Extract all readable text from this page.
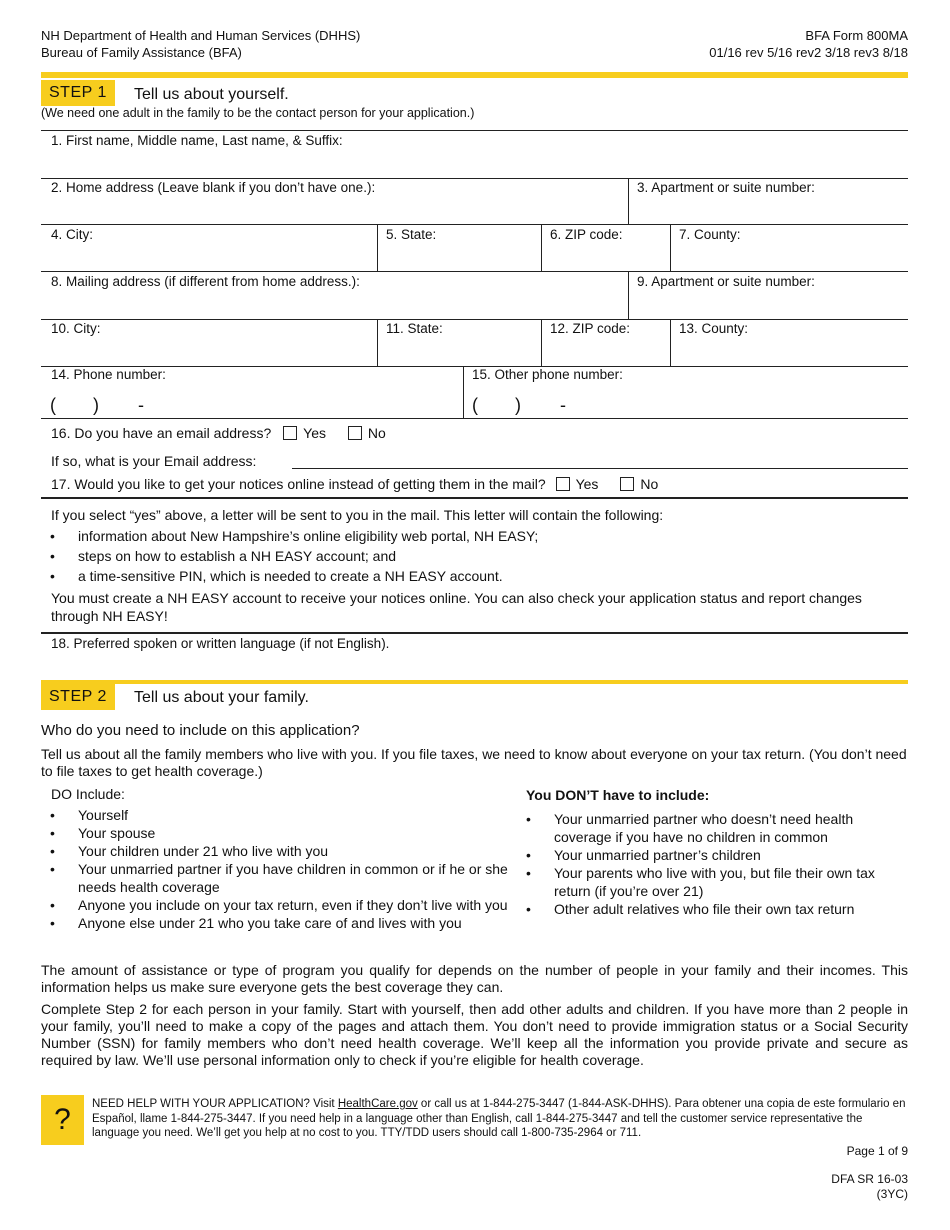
NH Department of Health and Human Services (DHHS)
Bureau of Family Assistance (BFA)
BFA Form 800MA
01/16 rev 5/16 rev2 3/18 rev3 8/18
STEP 1	Tell us about yourself.
(We need one adult in the family to be the contact person for your application.)
1. First name, Middle name, Last name, & Suffix:
2. Home address (Leave blank if you don’t have one.):	3. Apartment or suite number:
4. City:	5. State:	6. ZIP code:	7. County:
8. Mailing address (if different from home address.):	9. Apartment or suite number:
10. City:	11. State:	12. ZIP code:	13. County:
14. Phone number:	15. Other phone number:
( ) -	( ) -
16. Do you have an email address? Yes	No
If so, what is your Email address:
17. Would you like to get your notices online instead of getting them in the mail? Yes	No
If you select “yes” above, a letter will be sent to you in the mail. This letter will contain the following:
• information about New Hampshire’s online eligibility web portal, NH EASY;
• steps on how to establish a NH EASY account; and
• a time-sensitive PIN, which is needed to create a NH EASY account.
You must create a NH EASY account to receive your notices online. You can also check your application status and report changes through NH EASY!
18. Preferred spoken or written language (if not English).
STEP 2	Tell us about your family.
Who do you need to include on this application?
Tell us about all the family members who live with you. If you file taxes, we need to know about everyone on your tax return. (You don’t need to file taxes to get health coverage.)
DO Include:
• Yourself
• Your spouse
• Your children under 21 who live with you
• Your unmarried partner if you have children in common or if he or she needs health coverage
• Anyone you include on your tax return, even if they don’t live with you
• Anyone else under 21 who you take care of and lives with you
You DON’T have to include:
• Your unmarried partner who doesn’t need health coverage if you have no children in common
• Your unmarried partner’s children
• Your parents who live with you, but file their own tax return (if you’re over 21)
• Other adult relatives who file their own tax return
The amount of assistance or type of program you qualify for depends on the number of people in your family and their incomes. This information helps us make sure everyone gets the best coverage they can.
Complete Step 2 for each person in your family. Start with yourself, then add other adults and children. If you have more than 2 people in your family, you’ll need to make a copy of the pages and attach them. You don’t need to provide immigration status or a Social Security Number (SSN) for family members who don’t need health coverage. We’ll keep all the information you provide private and secure as required by law. We’ll use personal information only to check if you’re eligible for health coverage.
?	NEED HELP WITH YOUR APPLICATION? Visit HealthCare.gov or call us at 1-844-275-3447 (1-844-ASK-DHHS). Para obtener una copia de este formulario en Español, llame 1-844-275-3447. If you need help in a language other than English, call 1-844-275-3447 and tell the customer service representative the language you need. We’ll get you help at no cost to you. TTY/TDD users should call 1-800-735-2964 or 711.
Page 1 of 9
DFA SR 16-03
(3YC)
